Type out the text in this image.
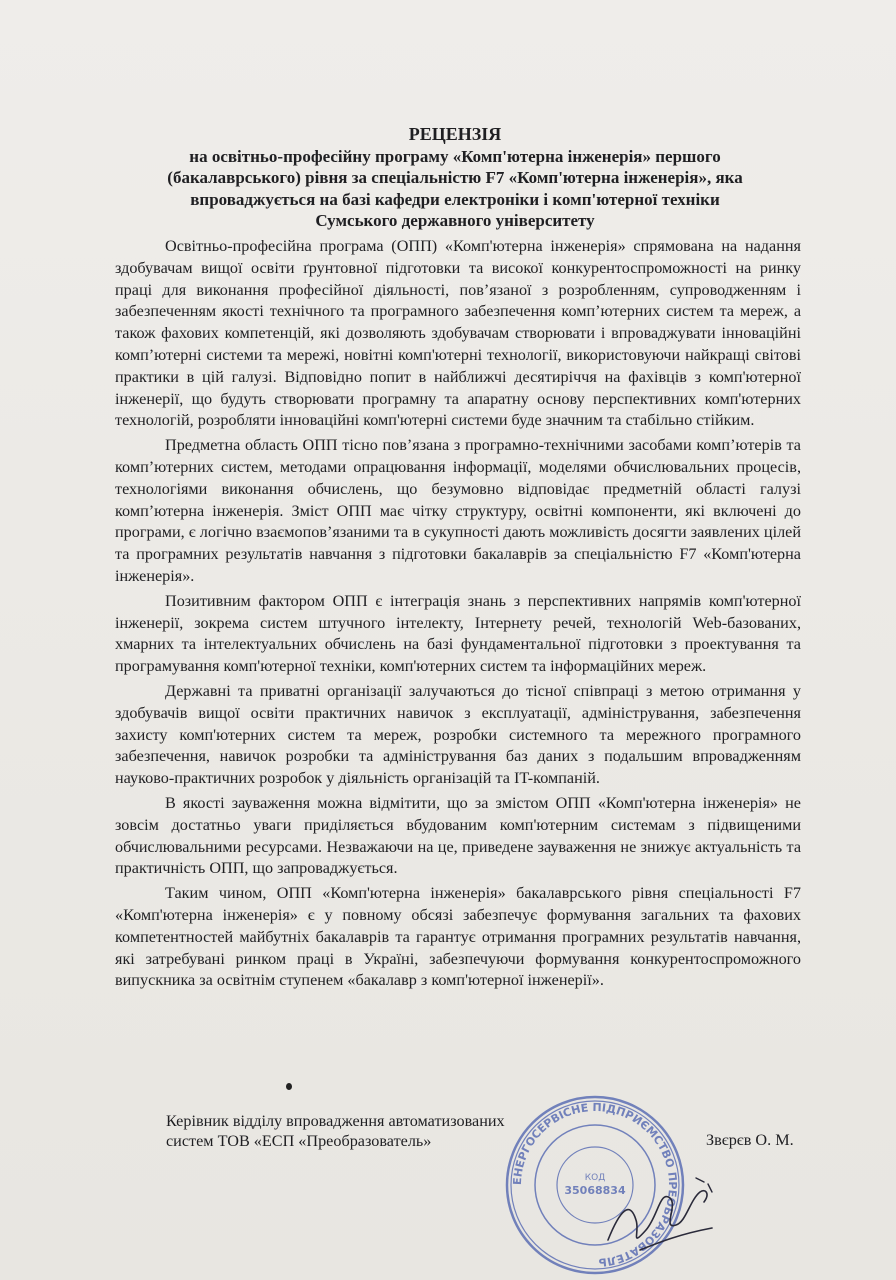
РЕЦЕНЗІЯ
на освітньо-професійну програму «Комп'ютерна інженерія» першого
(бакалаврського) рівня за спеціальністю F7 «Комп'ютерна інженерія», яка
впроваджується на базі кафедри електроніки і комп'ютерної техніки
Сумського державного університету

Освітньо-професійна програма (ОПП) «Комп'ютерна інженерія» спрямована на надання здобувачам вищої освіти ґрунтовної підготовки та високої конкурентоспроможності на ринку праці для виконання професійної діяльності, пов’язаної з розробленням, супроводженням і забезпеченням якості технічного та програмного забезпечення комп’ютерних систем та мереж, а також фахових компетенцій, які дозволяють здобувачам створювати і впроваджувати інноваційні комп’ютерні системи та мережі, новітні комп'ютерні технології, використовуючи найкращі світові практики в цій галузі. Відповідно попит в найближчі десятиріччя на фахівців з комп'ютерної інженерії, що будуть створювати програмну та апаратну основу перспективних комп'ютерних технологій, розробляти інноваційні комп'ютерні системи буде значним та стабільно стійким.

Предметна область ОПП тісно пов’язана з програмно-технічними засобами комп’ютерів та комп’ютерних систем, методами опрацювання інформації, моделями обчислювальних процесів, технологіями виконання обчислень, що безумовно відповідає предметній області галузі комп’ютерна інженерія. Зміст ОПП має чітку структуру, освітні компоненти, які включені до програми, є логічно взаємопов’язаними та в сукупності дають можливість досягти заявлених цілей та програмних результатів навчання з підготовки бакалаврів за спеціальністю F7 «Комп'ютерна інженерія».

Позитивним фактором ОПП є інтеграція знань з перспективних напрямів комп'ютерної інженерії, зокрема систем штучного інтелекту, Інтернету речей, технологій Web-базованих, хмарних та інтелектуальних обчислень на базі фундаментальної підготовки з проектування та програмування комп'ютерної техніки, комп'ютерних систем та інформаційних мереж.

Державні та приватні організації залучаються до тісної співпраці з метою отримання у здобувачів вищої освіти практичних навичок з експлуатації, адміністрування, забезпечення захисту комп'ютерних систем та мереж, розробки системного та мережного програмного забезпечення, навичок розробки та адміністрування баз даних з подальшим впровадженням науково-практичних розробок у діяльність організацій та IT-компаній.

В якості зауваження можна відмітити, що за змістом ОПП «Комп'ютерна інженерія» не зовсім достатньо уваги приділяється вбудованим комп'ютерним системам з підвищеними обчислювальними ресурсами. Незважаючи на це, приведене зауваження не знижує актуальність та практичність ОПП, що запроваджується.

Таким чином, ОПП «Комп'ютерна інженерія» бакалаврського рівня спеціальності F7 «Комп'ютерна інженерія» є у повному обсязі забезпечує формування загальних та фахових компетентностей майбутніх бакалаврів та гарантує отримання програмних результатів навчання, які затребувані ринком праці в Україні, забезпечуючи формування конкурентоспроможного випускника за освітнім ступенем «бакалавр з комп'ютерної інженерії».

Керівник відділу впровадження автоматизованих
систем ТОВ «ЕСП «Преобразователь»	Звєрєв О. М.
ЕНЕРГОСЕРВІСНЕ ПІДПРИЄМСТВО ПРЕОБРАЗОВАТЕЛЬ
КОД
35068834
